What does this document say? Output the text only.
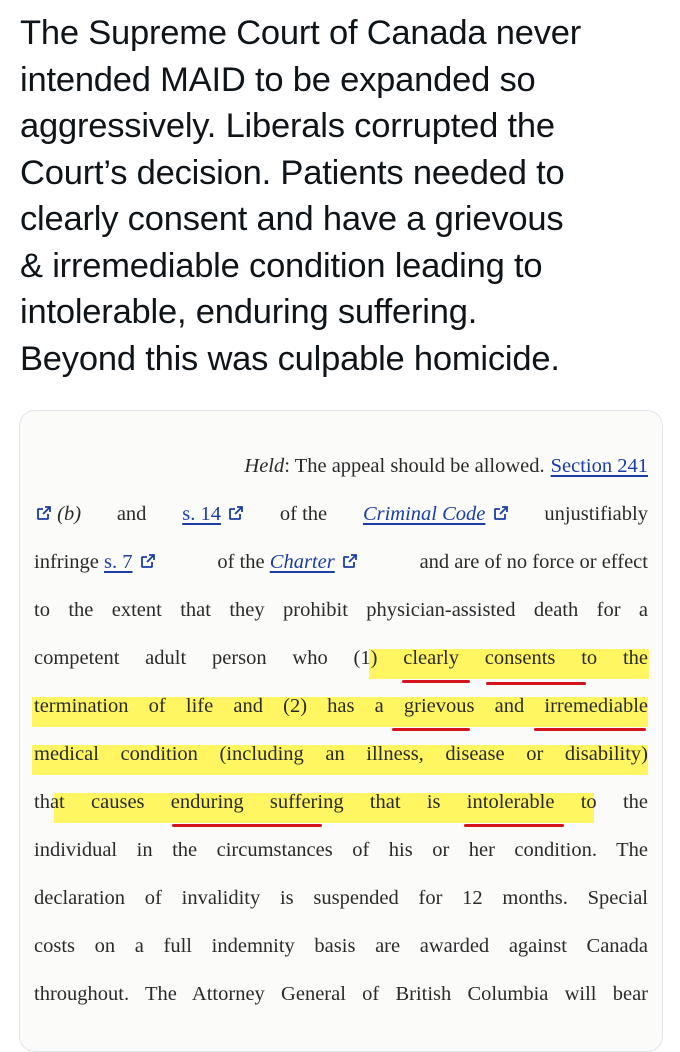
The Supreme Court of Canada never
intended MAID to be expanded so
aggressively. Liberals corrupted the
Court’s decision. Patients needed to
clearly consent and have a grievous
& irremediable condition leading to
intolerable, enduring suffering.
Beyond this was culpable homicide.
Held: The appeal should be allowed. Section 241
(b) and s. 14	of the Criminal Code	unjustifiably
infringe s. 7	of the Charter	and are of no force or effect
to the extent that they prohibit physician-assisted death for a
competent adult person who (1) clearly consents to the
termination of life and (2) has a grievous and irremediable
medical condition (including an illness, disease or disability)
that causes enduring suffering that is intolerable to the
individual in the circumstances of his or her condition. The
declaration of invalidity is suspended for 12 months. Special
costs on a full indemnity basis are awarded against Canada
throughout. The Attorney General of British Columbia will bear
